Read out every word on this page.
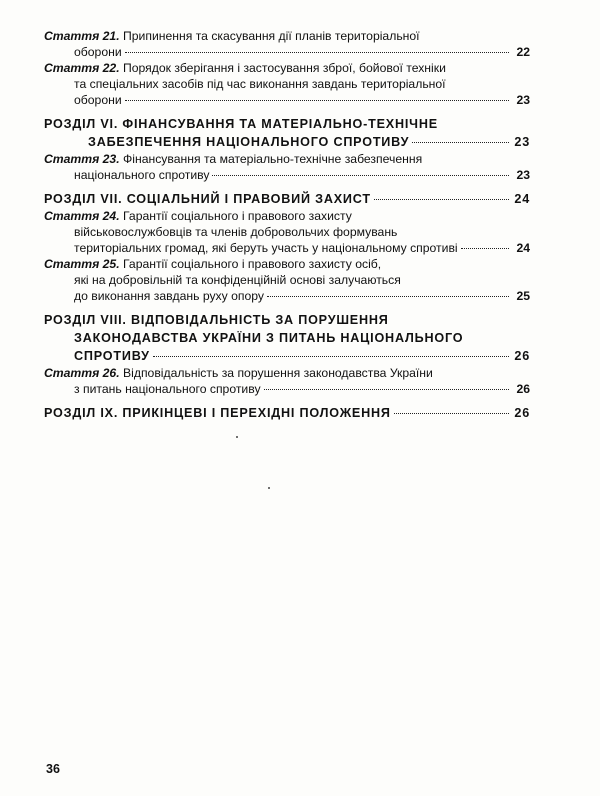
Стаття 21. Припинення та скасування дії планів територіальної
оборони	22
Стаття 22. Порядок зберігання і застосування зброї, бойової техніки
та спеціальних засобів під час виконання завдань територіальної
оборони	23
РОЗДІЛ VI. ФІНАНСУВАННЯ ТА МАТЕРІАЛЬНО-ТЕХНІЧНЕ
ЗАБЕЗПЕЧЕННЯ НАЦІОНАЛЬНОГО СПРОТИВУ	23
Стаття 23. Фінансування та матеріально-технічне забезпечення
національного спротиву	23
РОЗДІЛ VII. СОЦІАЛЬНИЙ І ПРАВОВИЙ ЗАХИСТ	24
Стаття 24. Гарантії соціального і правового захисту
військовослужбовців та членів добровольчих формувань
територіальних громад, які беруть участь у національному спротиві	24
Стаття 25. Гарантії соціального і правового захисту осіб,
які на добровільній та конфіденційній основі залучаються
до виконання завдань руху опору	25
РОЗДІЛ VIII. ВІДПОВІДАЛЬНІСТЬ ЗА ПОРУШЕННЯ
ЗАКОНОДАВСТВА УКРАЇНИ З ПИТАНЬ НАЦІОНАЛЬНОГО
СПРОТИВУ	26
Стаття 26. Відповідальність за порушення законодавства України
з питань національного спротиву	26
РОЗДІЛ IX. ПРИКІНЦЕВІ І ПЕРЕХІДНІ ПОЛОЖЕННЯ	26
36
